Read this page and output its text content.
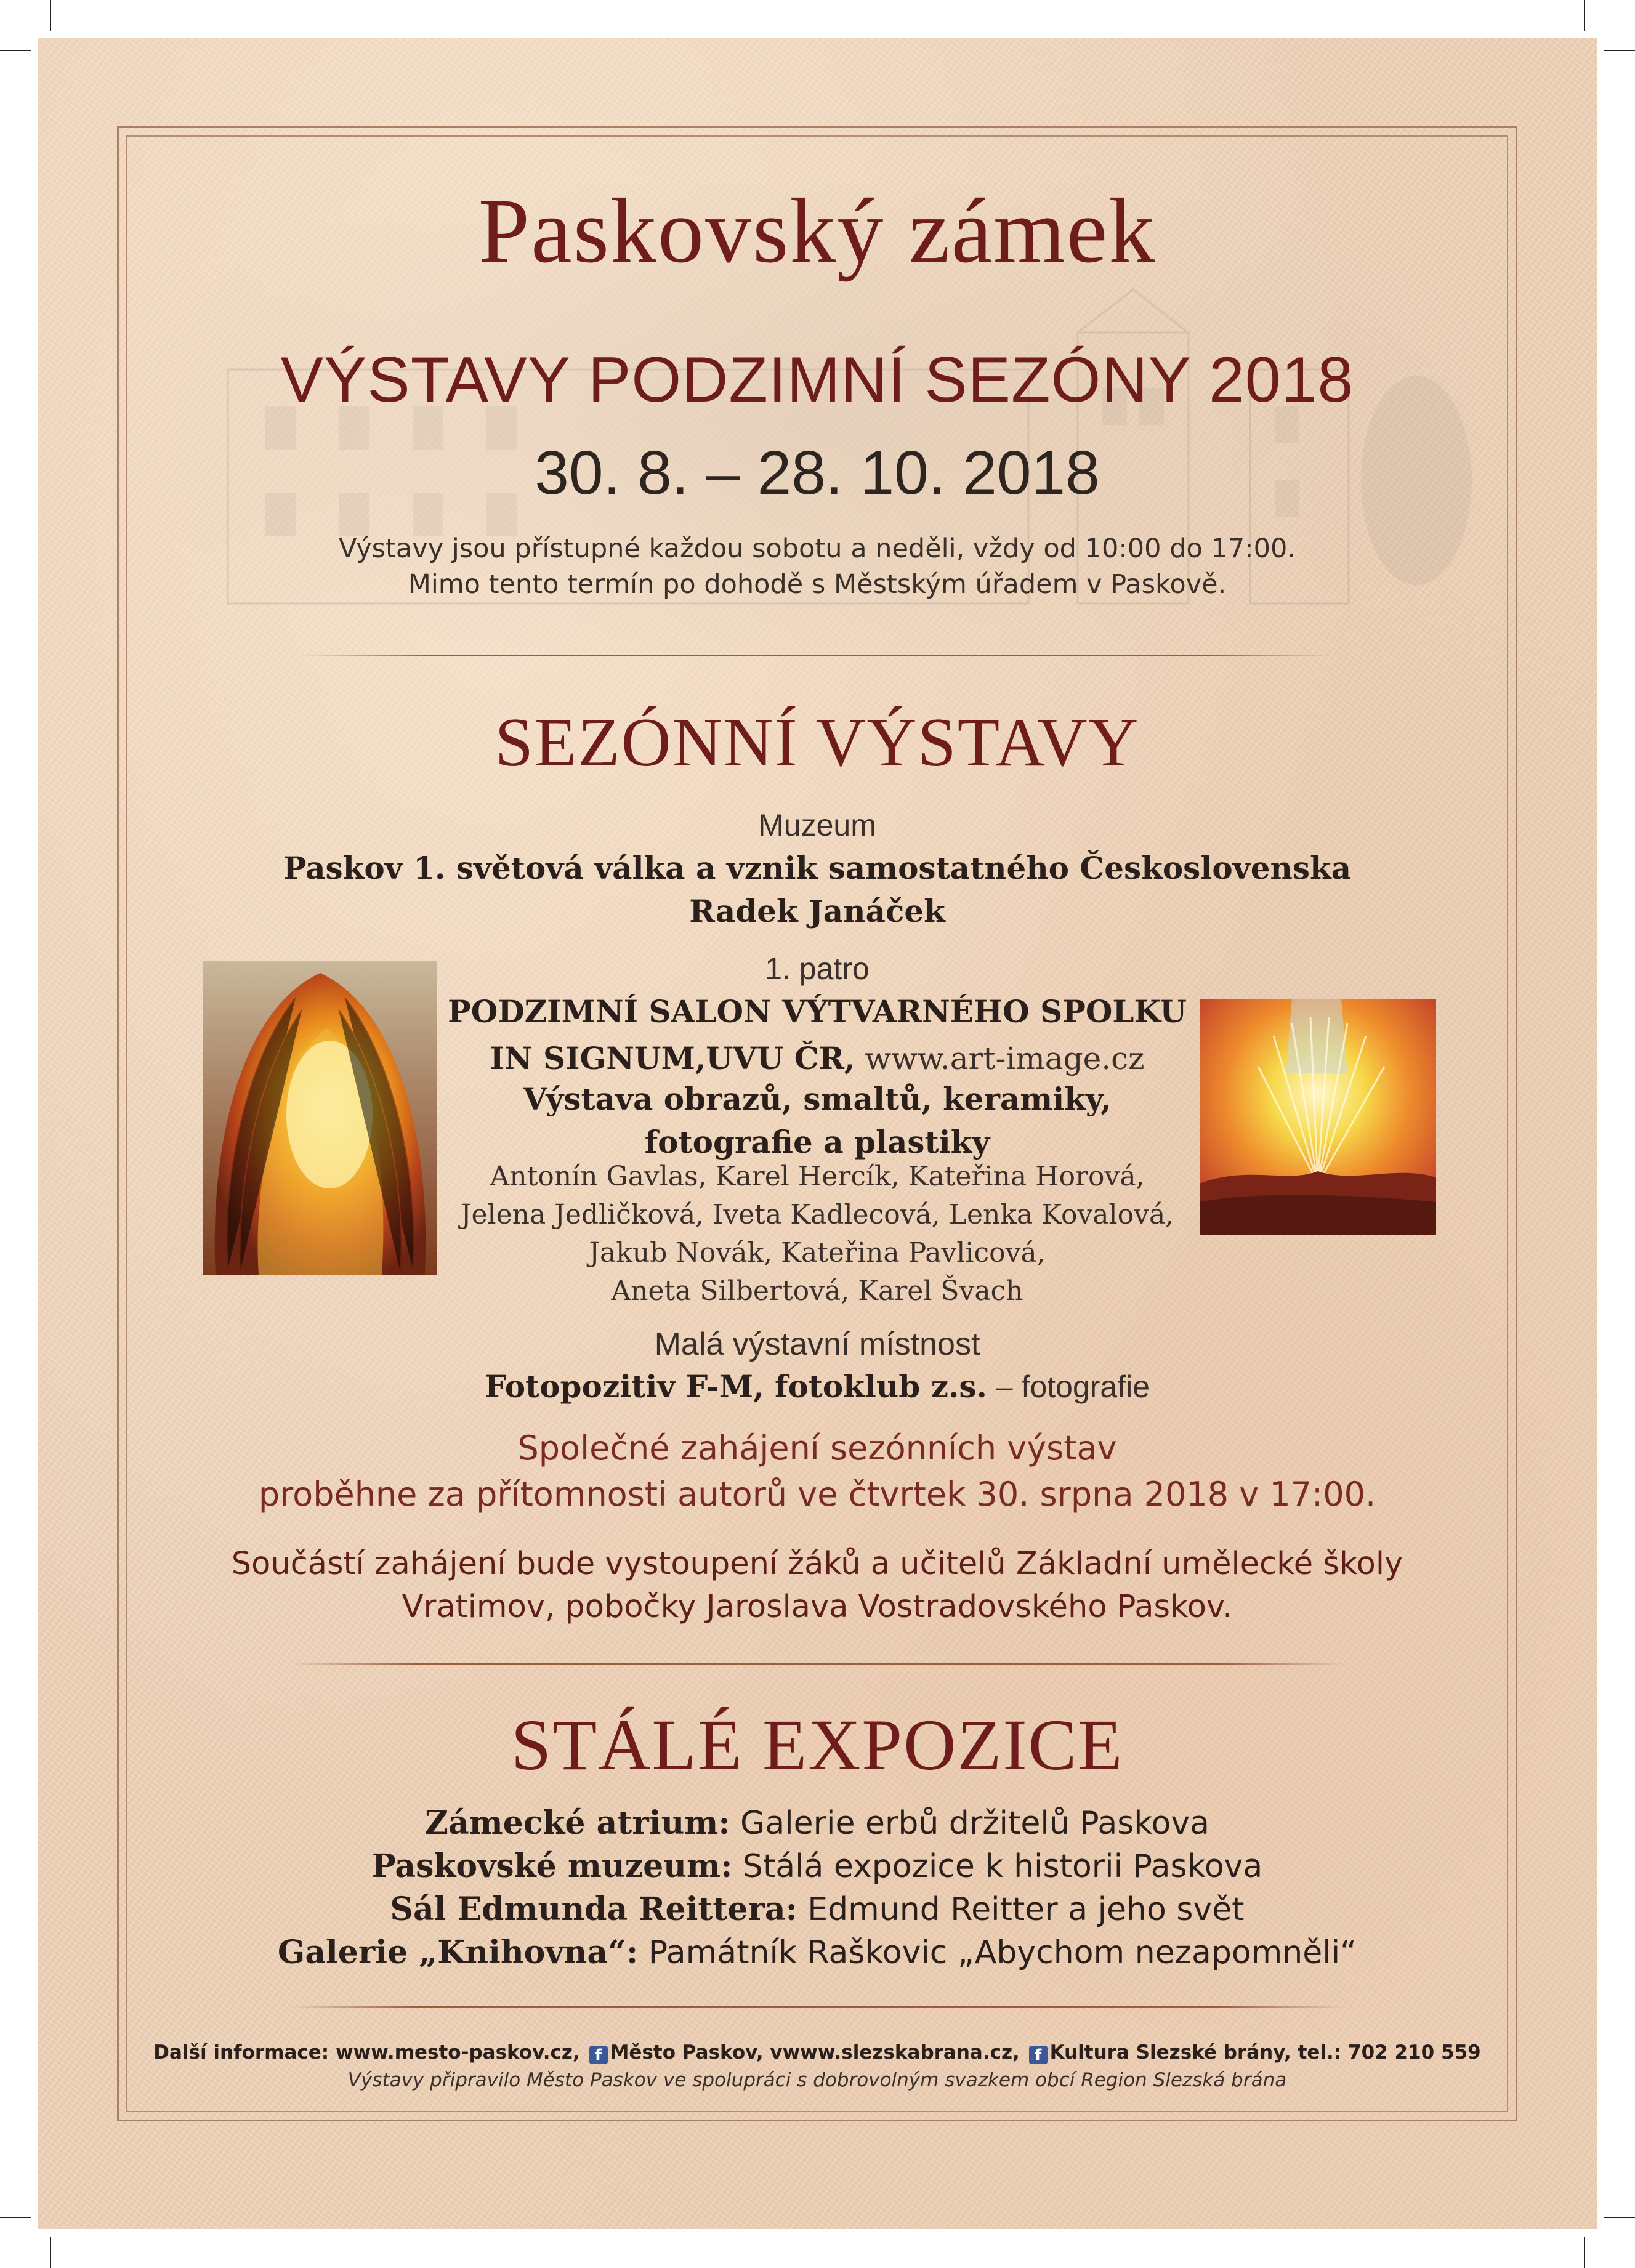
Paskovský zámek
VÝSTAVY PODZIMNÍ SEZÓNY 2018
30. 8. – 28. 10. 2018
Výstavy jsou přístupné každou sobotu a neděli, vždy od 10:00 do 17:00.
Mimo tento termín po dohodě s Městským úřadem v Paskově.
SEZÓNNÍ VÝSTAVY
Muzeum
Paskov 1. světová válka a vznik samostatného Československa
Radek Janáček
1. patro
PODZIMNÍ SALON VÝTVARNÉHO SPOLKU
IN SIGNUM,UVU ČR, www.art-image.cz
Výstava obrazů, smaltů, keramiky,
fotografie a plastiky
Antonín Gavlas, Karel Hercík, Kateřina Horová,
Jelena Jedličková, Iveta Kadlecová, Lenka Kovalová,
Jakub Novák, Kateřina Pavlicová,
Aneta Silbertová, Karel Švach
Malá výstavní místnost
Fotopozitiv F-M, fotoklub z.s. – fotografie
Společné zahájení sezónních výstav
proběhne za přítomnosti autorů ve čtvrtek 30. srpna 2018 v 17:00.
Součástí zahájení bude vystoupení žáků a učitelů Základní umělecké školy
Vratimov, pobočky Jaroslava Vostradovského Paskov.
STÁLÉ EXPOZICE
Zámecké atrium: Galerie erbů držitelů Paskova
Paskovské muzeum: Stálá expozice k historii Paskova
Sál Edmunda Reittera: Edmund Reitter a jeho svět
Galerie „Knihovna“: Památník Raškovic „Abychom nezapomněli“
Další informace: www.mesto-paskov.cz, f Město Paskov, vwww.slezskabrana.cz, f Kultura Slezské brány, tel.: 702 210 559
Výstavy připravilo Město Paskov ve spolupráci s dobrovolným svazkem obcí Region Slezská brána
